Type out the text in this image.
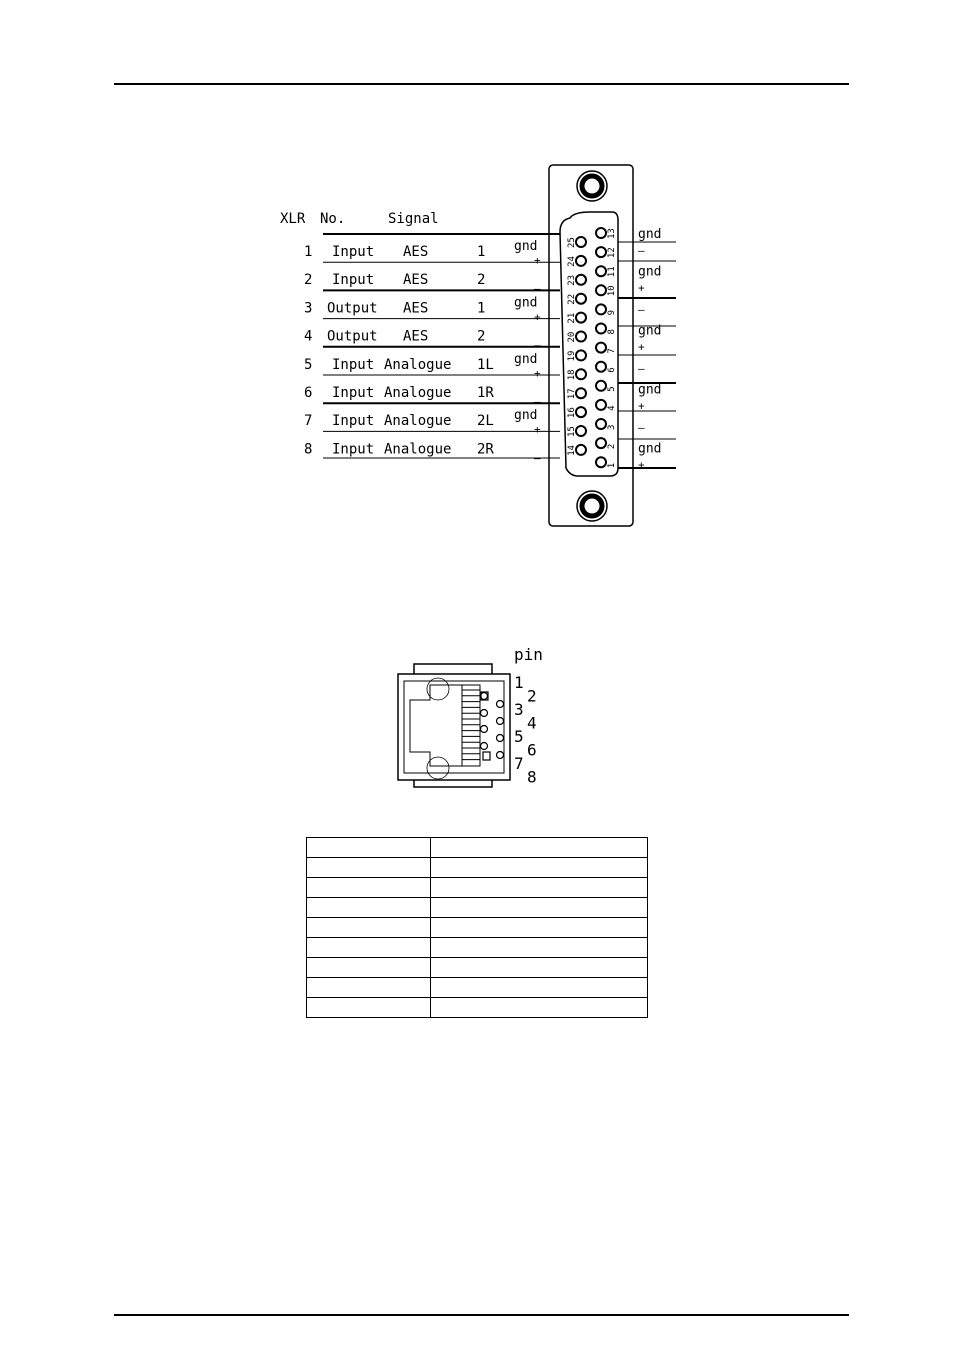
XLR No.	Signal
1 Input AES	1 gnd
+
2 Input AES	2
–
3 Output AES	1 gnd
+
4 Output AES	2
–
5 Input Analogue 1L gnd
+
6 Input Analogue 1R
–
7 Input Analogue 2L gnd
+
8 Input Analogue 2R
–
13
12
11
10
9
8
7
6
5
4
3
2
1
25
24
23
22
21
20
19
18
17
16
15
14
gnd
–
gnd
+
–
gnd
+
–
gnd
+
–
gnd
+
pin
1
2
3
4
5
6
7
8
